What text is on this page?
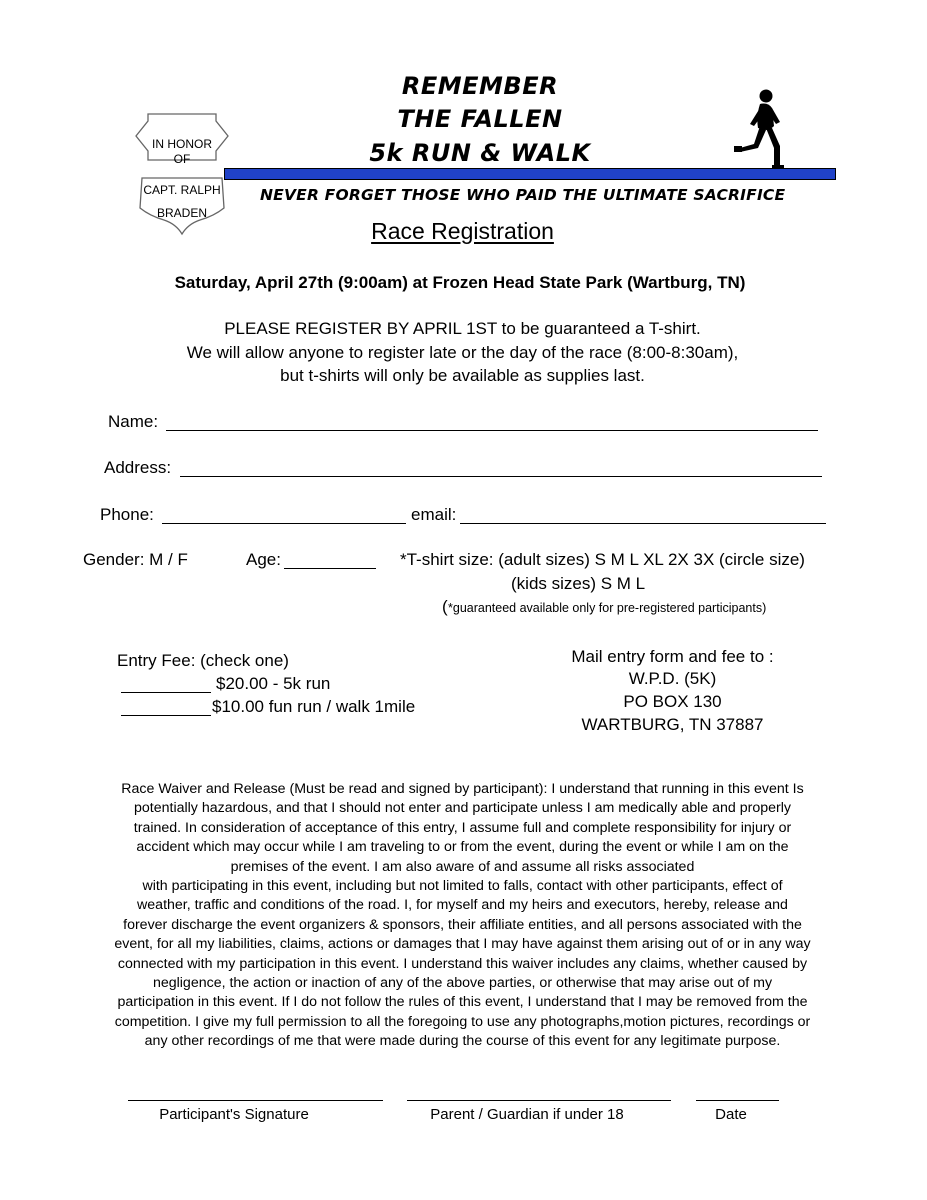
REMEMBER
THE FALLEN
5k RUN & WALK
IN HONOR
OF
CAPT. RALPH
BRADEN
NEVER FORGET THOSE WHO PAID THE ULTIMATE SACRIFICE
Race Registration
Saturday, April 27th (9:00am) at Frozen Head State Park (Wartburg, TN)
PLEASE REGISTER BY APRIL 1ST to be guaranteed a T-shirt.
We will allow anyone to register late or the day of the race (8:00-8:30am),
but t-shirts will only be available as supplies last.
Name:
Address:
Phone:	email:
Gender: M / F	Age:	*T-shirt size: (adult sizes) S M L XL 2X 3X (circle size)
(kids sizes) S M L
( *guaranteed available only for pre-registered participants)
Entry Fee: (check one)
$20.00 - 5k run
$10.00 fun run / walk 1mile
Mail entry form and fee to :
W.P.D. (5K)
PO BOX 130
WARTBURG, TN 37887
Race Waiver and Release (Must be read and signed by participant): I understand that running in this event Is
potentially hazardous, and that I should not enter and participate unless I am medically able and properly
trained. In consideration of acceptance of this entry, I assume full and complete responsibility for injury or
accident which may occur while I am traveling to or from the event, during the event or while I am on the
premises of the event. I am also aware of and assume all risks associated
with participating in this event, including but not limited to falls, contact with other participants, effect of
weather, traffic and conditions of the road. I, for myself and my heirs and executors, hereby, release and
forever discharge the event organizers & sponsors, their affiliate entities, and all persons associated with the
event, for all my liabilities, claims, actions or damages that I may have against them arising out of or in any way
connected with my participation in this event. I understand this waiver includes any claims, whether caused by
negligence, the action or inaction of any of the above parties, or otherwise that may arise out of my
participation in this event. If I do not follow the rules of this event, I understand that I may be removed from the
competition. I give my full permission to all the foregoing to use any photographs,motion pictures, recordings or
any other recordings of me that were made during the course of this event for any legitimate purpose.
Participant's Signature	Parent / Guardian if under 18	Date
